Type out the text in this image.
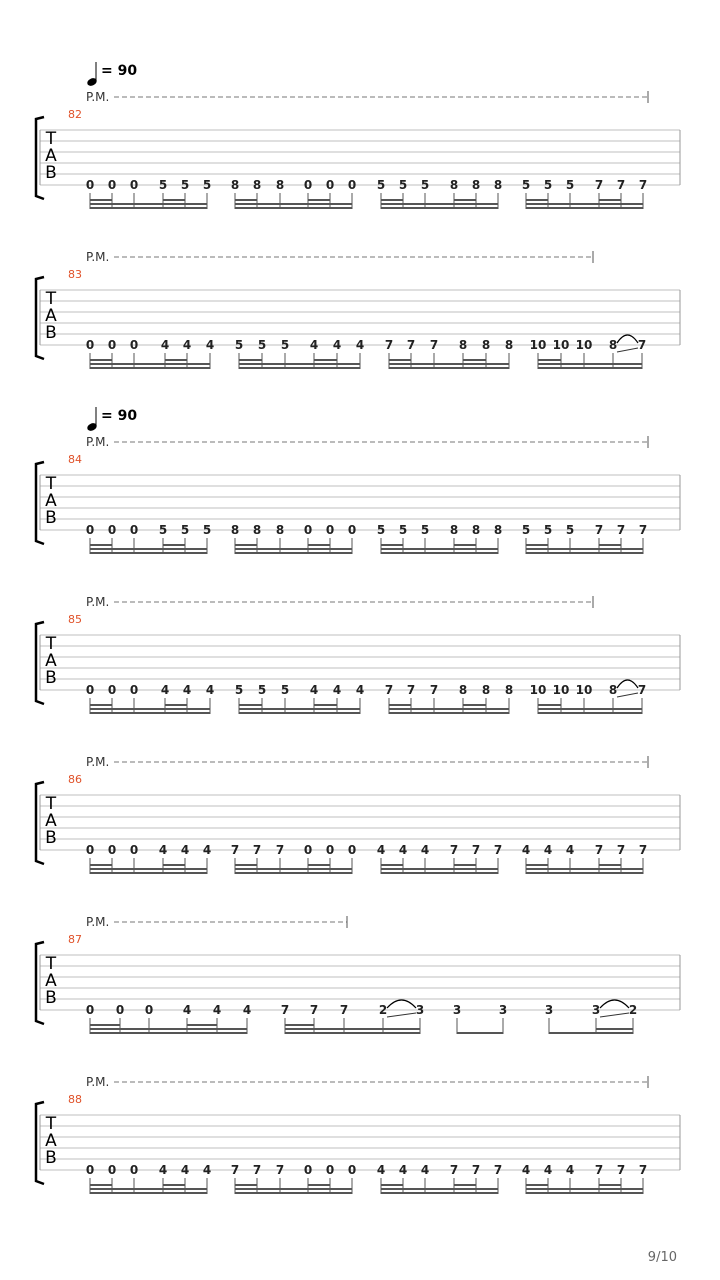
= 90
P.M.
82
T
A
B
0 0 0 5 5 5 8 8 8 0 0 0 5 5 5 8 8 8 5 5 5 7 7 7
P.M.
83
T
A
B
0 0 0 4 4 4 5 5 5 4 4 4 7 7 7 8 8 8 10 10 10 8 7
= 90
P.M.
84
T
A
B
0 0 0 5 5 5 8 8 8 0 0 0 5 5 5 8 8 8 5 5 5 7 7 7
P.M.
85
T
A
B
0 0 0 4 4 4 5 5 5 4 4 4 7 7 7 8 8 8 10 10 10 8 7
P.M.
86
T
A
B
0 0 0 4 4 4 7 7 7 0 0 0 4 4 4 7 7 7 4 4 4 7 7 7
P.M.
87
T
A
B
0 0 0 4 4 4 7 7 7	2 3 3	3	3	3 2
P.M.
88
T
A
B
0 0 0 4 4 4 7 7 7 0 0 0 4 4 4 7 7 7 4 4 4 7 7 7
9/10
